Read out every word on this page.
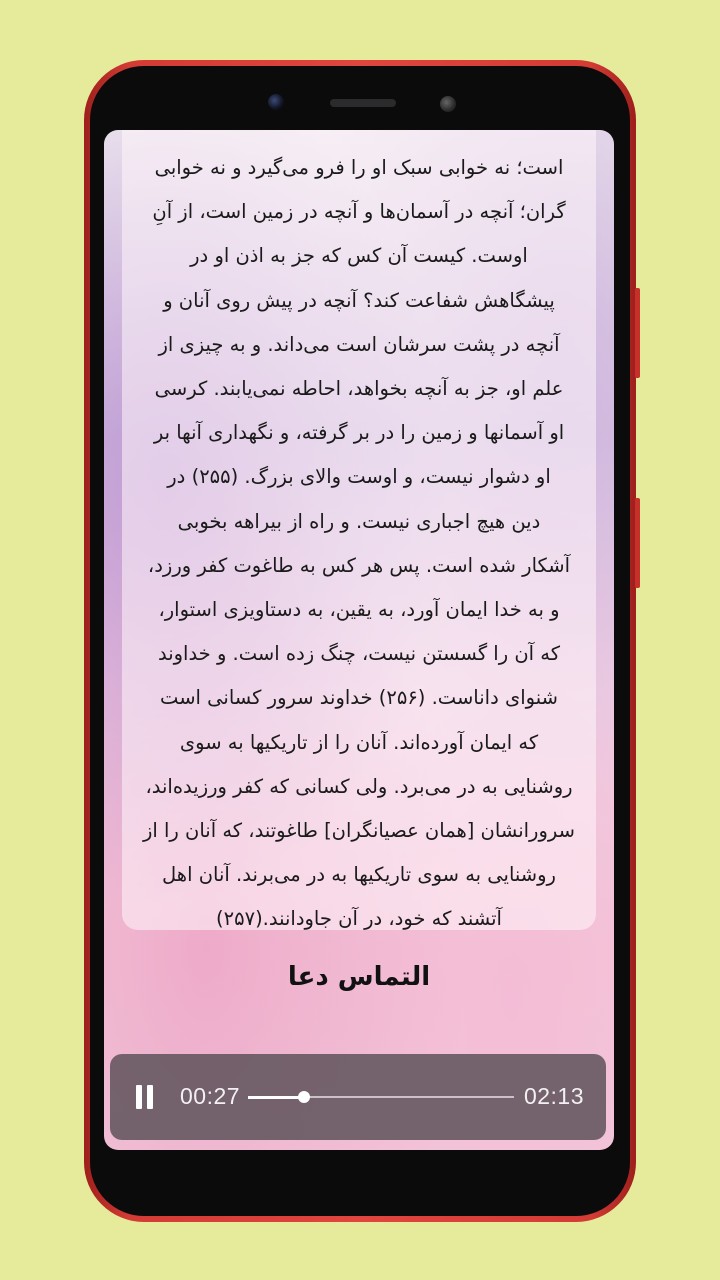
است؛ نه خوابی سبک او را فرو می‌گیرد و نه خوابی
گران؛ آنچه در آسمان‌ها و آنچه در زمین است، از آنِ
اوست. کیست آن کس که جز به اذن او در
پیشگاهش شفاعت کند؟ آنچه در پیش روی آنان و
آنچه در پشت سرشان است می‌داند. و به چیزی از
علم او، جز به آنچه بخواهد، احاطه نمی‌یابند. کرسی
او آسمانها و زمین را در بر گرفته، و نگهداری آنها بر
او دشوار نیست، و اوست والای بزرگ. (۲۵۵) در
دین هیچ اجباری نیست. و راه از بیراهه بخوبی
آشکار شده است. پس هر کس به طاغوت کفر ورزد،
و به خدا ایمان آورد، به یقین، به دستاویزی استوار،
که آن را گسستن نیست، چنگ زده است. و خداوند
شنوای داناست. (۲۵۶) خداوند سرور کسانی است
که ایمان آورده‌اند. آنان را از تاریکیها به سوی
روشنایی به در می‌برد. ولی کسانی که کفر ورزیده‌اند،
سرورانشان [همان عصیانگران] طاغوتند، که آنان را از
روشنایی به سوی تاریکیها به در می‌برند. آنان اهل
آتشند که خود، در آن جاودانند.(۲۵۷)
التماس دعا
00:27	02:13
